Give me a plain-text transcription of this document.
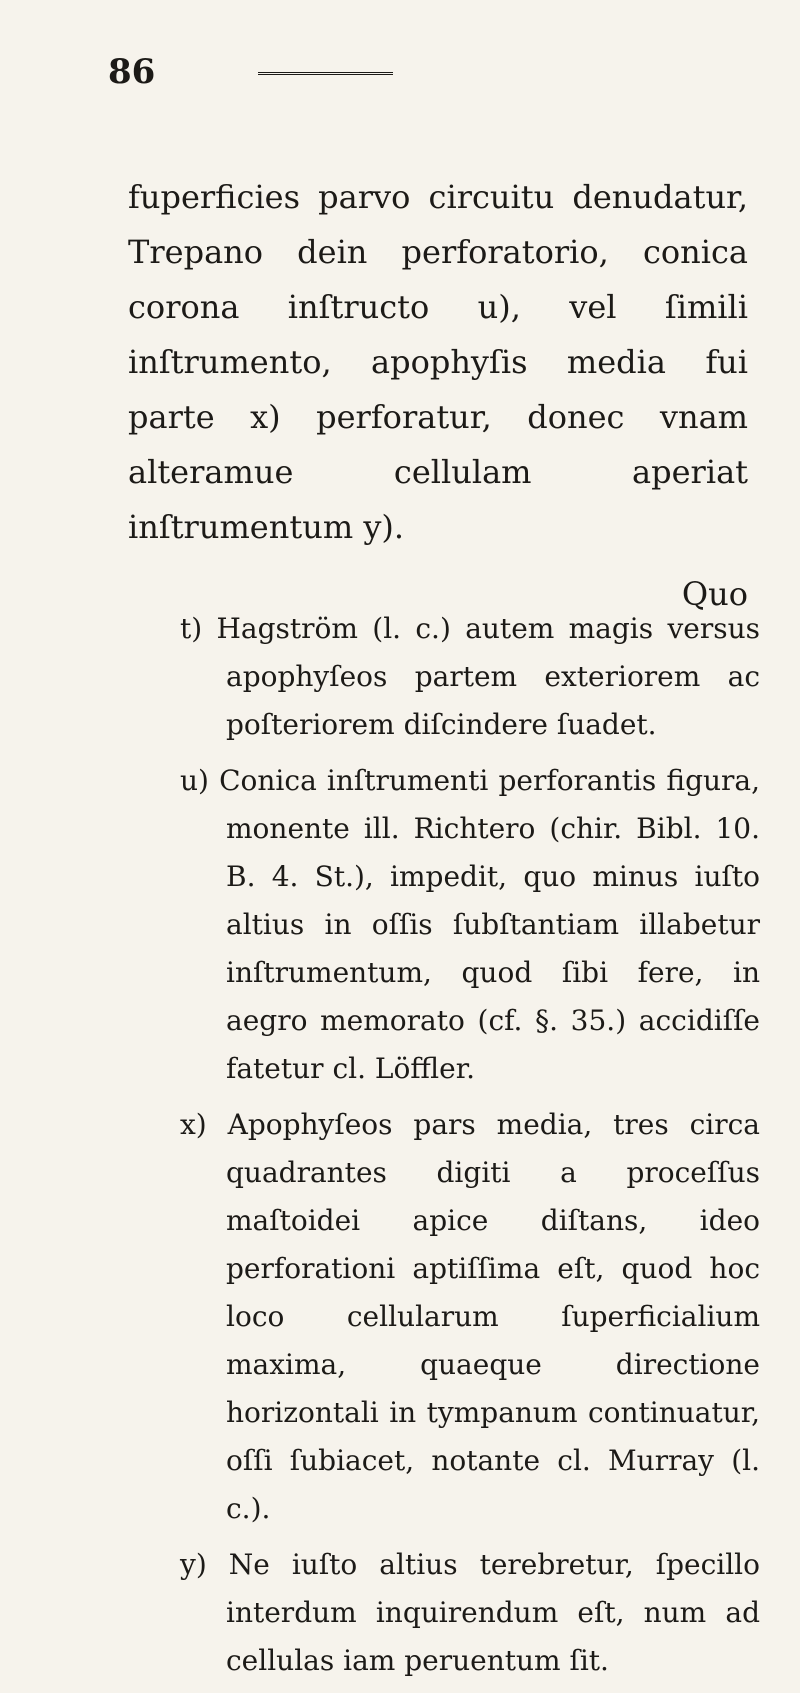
86

fuperficies parvo circuitu denudatur, Trepano dein perforatorio, conica corona inſtructo u), vel ſimili inſtrumento, apophyſis media fui parte x) perforatur, donec vnam alteramue cellulam aperiat inſtrumentum y).

Quo

t) Hagström (l. c.) autem magis versus apophyſeos partem exteriorem ac poſteriorem diſcindere ſuadet.

u) Conica inſtrumenti perforantis figura, monente ill. Richtero (chir. Bibl. 10. B. 4. St.), impedit, quo minus iuſto altius in oſſis ſubſtantiam illabetur inſtrumentum, quod ſibi fere, in aegro memorato (cf. §. 35.) accidiſſe fatetur cl. Löffler.

x) Apophyſeos pars media, tres circa quadrantes digiti a proceſſus maſtoidei apice diſtans, ideo perforationi aptiſſima eſt, quod hoc loco cellularum ſuperficialium maxima, quaeque directione horizontali in tympanum continuatur, oſſi ſubiacet, notante cl. Murray (l. c.).

y) Ne iuſto altius terebretur, ſpecillo interdum inquirendum eſt, num ad cellulas iam peruentum ſit.
